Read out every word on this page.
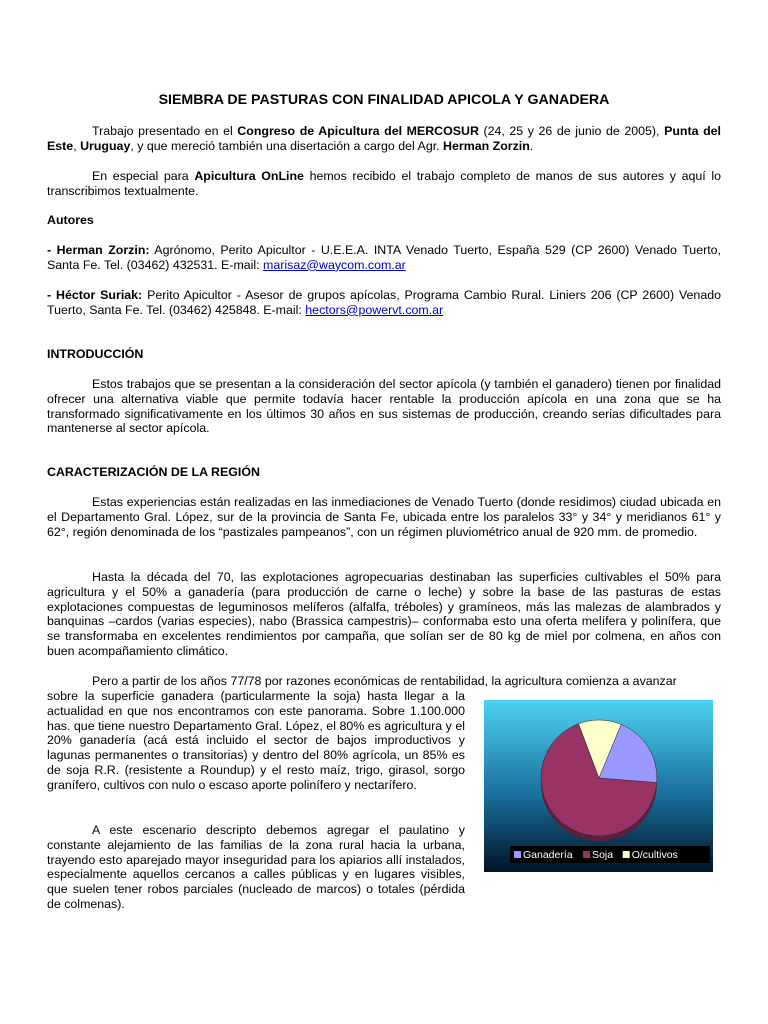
SIEMBRA DE PASTURAS CON FINALIDAD APICOLA Y GANADERA

Trabajo presentado en el Congreso de Apicultura del MERCOSUR (24, 25 y 26 de junio de 2005), Punta del Este, Uruguay, y que mereció también una disertación a cargo del Agr. Herman Zorzin.

En especial para Apicultura OnLine hemos recibido el trabajo completo de manos de sus autores y aquí lo transcribimos textualmente.

Autores

- Herman Zorzin: Agrónomo, Perito Apicultor - U.E.E.A. INTA Venado Tuerto, España 529 (CP 2600) Venado Tuerto, Santa Fe. Tel. (03462) 432531. E-mail: marisaz@waycom.com.ar

- Héctor Suriak: Perito Apicultor - Asesor de grupos apícolas, Programa Cambio Rural. Liniers 206 (CP 2600) Venado Tuerto, Santa Fe. Tel. (03462) 425848. E-mail: hectors@powervt.com.ar

INTRODUCCIÓN

Estos trabajos que se presentan a la consideración del sector apícola (y también el ganadero) tienen por finalidad ofrecer una alternativa viable que permite todavía hacer rentable la producción apícola en una zona que se ha transformado significativamente en los últimos 30 años en sus sistemas de producción, creando serias dificultades para mantenerse al sector apícola.

CARACTERIZACIÓN DE LA REGIÓN

Estas experiencias están realizadas en las inmediaciones de Venado Tuerto (donde residimos) ciudad ubicada en el Departamento Gral. López, sur de la provincia de Santa Fe, ubicada entre los paralelos 33° y 34° y meridianos 61° y 62°, región denominada de los “pastizales pampeanos”, con un régimen pluviométrico anual de 920 mm. de promedio.

Hasta la década del 70, las explotaciones agropecuarias destinaban las superficies cultivables el 50% para agricultura y el 50% a ganadería (para producción de carne o leche) y sobre la base de las pasturas de estas explotaciones compuestas de leguminosos melíferos (alfalfa, tréboles) y gramíneos, más las malezas de alambrados y banquinas –cardos (varias especies), nabo (Brassica campestris)– conformaba esto una oferta melífera y polinífera, que se transformaba en excelentes rendimientos por campaña, que solían ser de 80 kg de miel por colmena, en años con buen acompañamiento climático.

Pero a partir de los años 77/78 por razones económicas de rentabilidad, la agricultura comienza a avanzar

sobre la superficie ganadera (particularmente la soja) hasta llegar a la actualidad en que nos encontramos con este panorama. Sobre 1.100.000 has. que tiene nuestro Departamento Gral. López, el 80% es agricultura y el 20% ganadería (acá está incluido el sector de bajos improductivos y lagunas permanentes o transitorias) y dentro del 80% agrícola, un 85% es de soja R.R. (resistente a Roundup) y el resto maíz, trigo, girasol, sorgo granífero, cultivos con nulo o escaso aporte polinífero y nectarífero.

A este escenario descripto debemos agregar el paulatino y constante alejamiento de las familias de la zona rural hacia la urbana, trayendo esto aparejado mayor inseguridad para los apiarios allí instalados, especialmente aquellos cercanos a calles públicas y en lugares visibles, que suelen tener robos parciales (nucleado de marcos) o totales (pérdida de colmenas).

Ganadería Soja O/cultivos
